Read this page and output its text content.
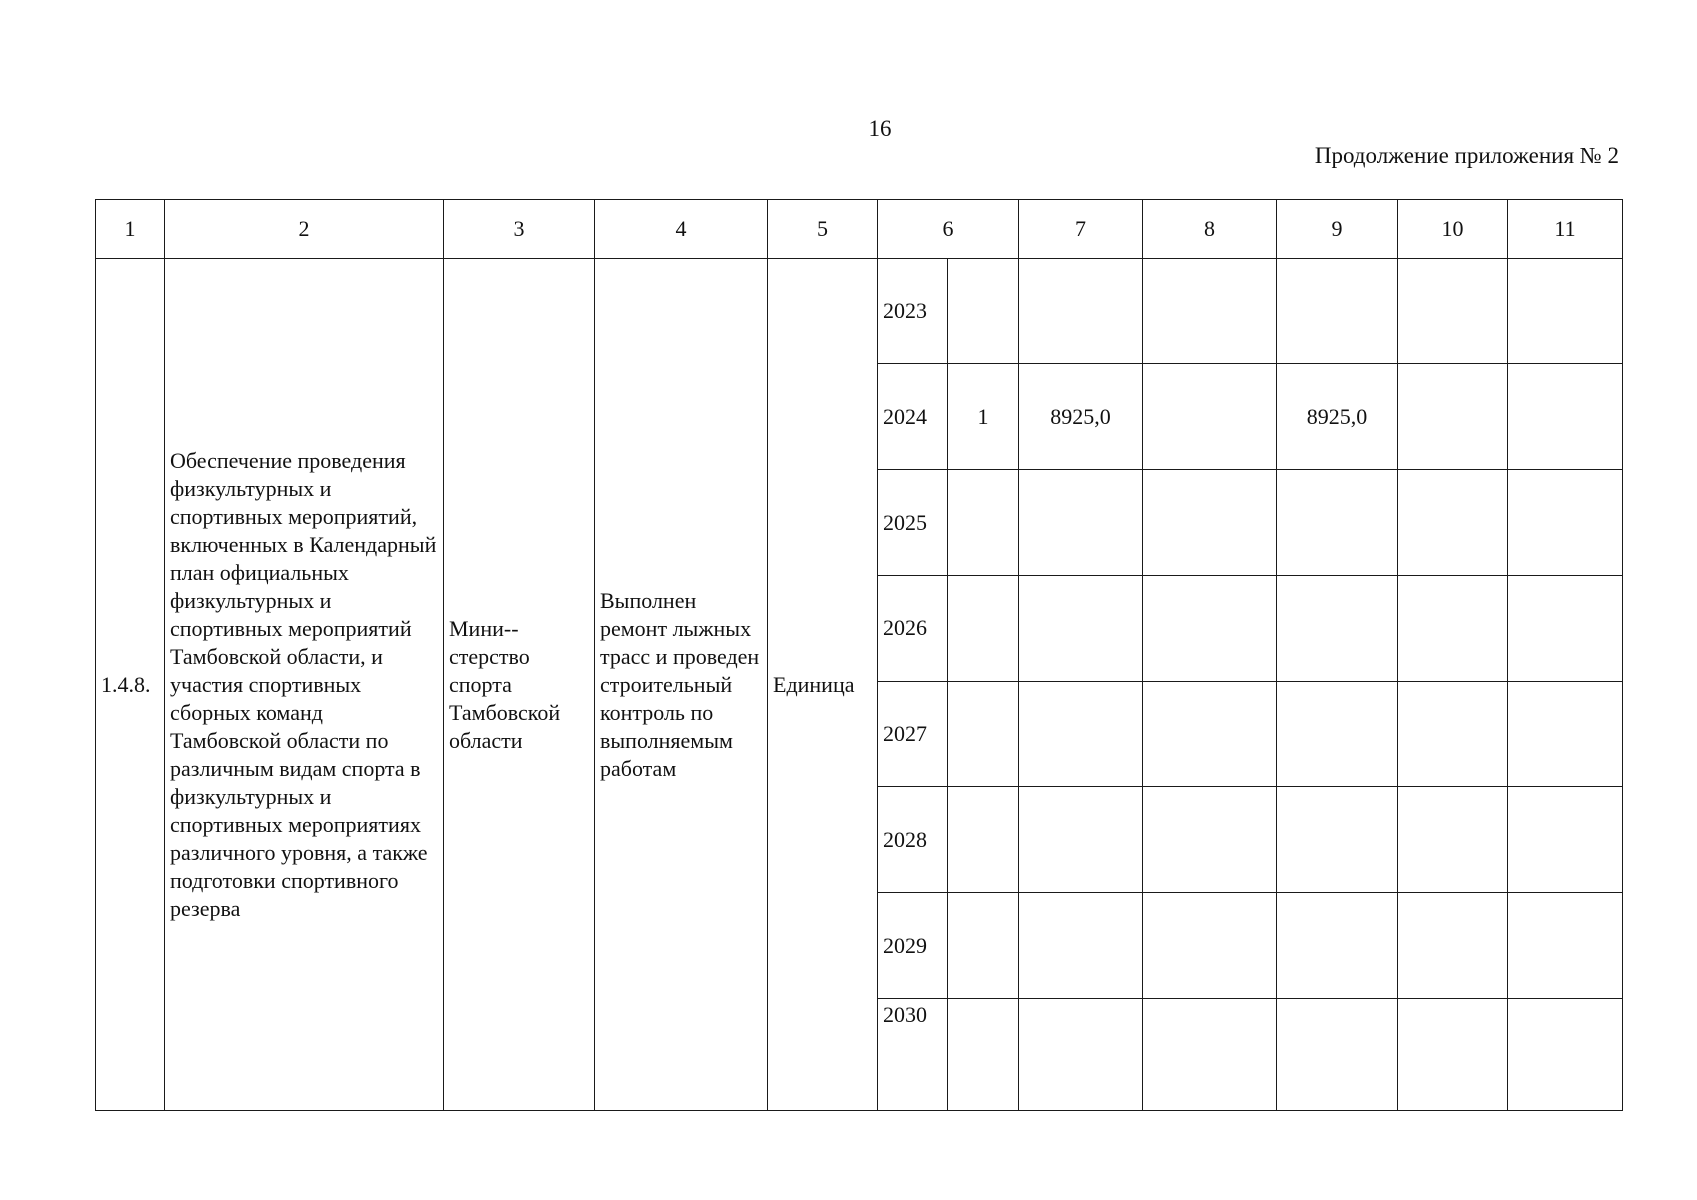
16
Продолжение приложения № 2
1	2	3	4	5	6		7	8	9	10	11
1.4.8.	Обеспечение проведения физкультурных и спортивных мероприятий, включенных в Календарный план официальных физкультурных и спортивных мероприятий Тамбовской области, и участия спортивных сборных команд Тамбовской области по различным видам спорта в физкультурных и спортивных мероприятиях различного уровня, а также подготовки спортивного резерва	Мини-стерство спорта Тамбовской области	Выполнен ремонт лыжных трасс и проведен строительный контроль по выполняемым работам	Единица	2023						
					2024	1	8925,0		8925,0		
					2025						
					2026						
					2027						
					2028						
					2029						
					2030						
